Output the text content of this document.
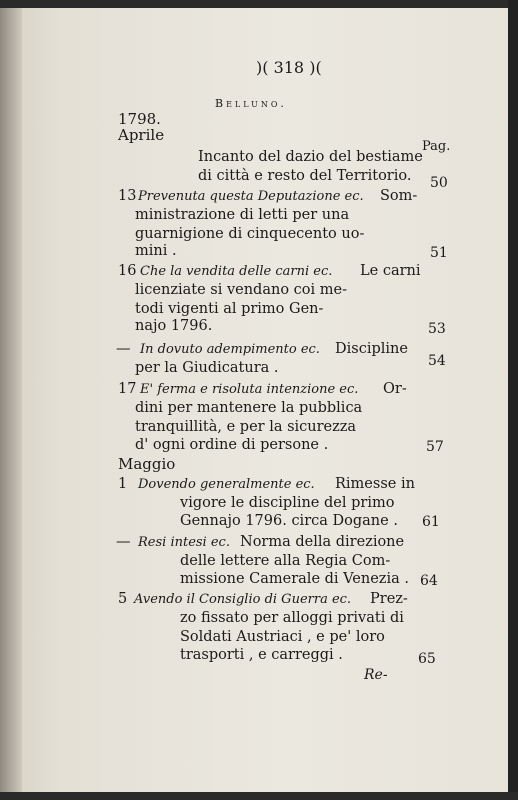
)( 318 )(
Belluno.
1798.
Aprile
Pag.
Incanto del dazio del bestiame
di città e resto del Territorio. 50
13 Prevenuta questa Deputazione ec. Som-
ministrazione di letti per una
guarnigione di cinquecento uo-
mini .	51
16 Che la vendita delle carni ec. Le carni
licenziate si vendano coi me-
todi vigenti al primo Gen-
najo 1796.	53
— In dovuto adempimento ec. Discipline
per la Giudicatura .	54
17 E' ferma e risoluta intenzione ec. Or-
dini per mantenere la pubblica
tranquillità, e per la sicurezza
d' ogni ordine di persone .	57
Maggio
1 Dovendo generalmente ec. Rimesse in
vigore le discipline del primo
Gennajo 1796. circa Dogane . 61
— Resi intesi ec. Norma della direzione
delle lettere alla Regia Com-
missione Camerale di Venezia . 64
5 Avendo il Consiglio di Guerra ec. Prez-
zo fissato per alloggi privati di
Soldati Austriaci , e pe' loro
trasporti , e carreggi .	65
Re-
